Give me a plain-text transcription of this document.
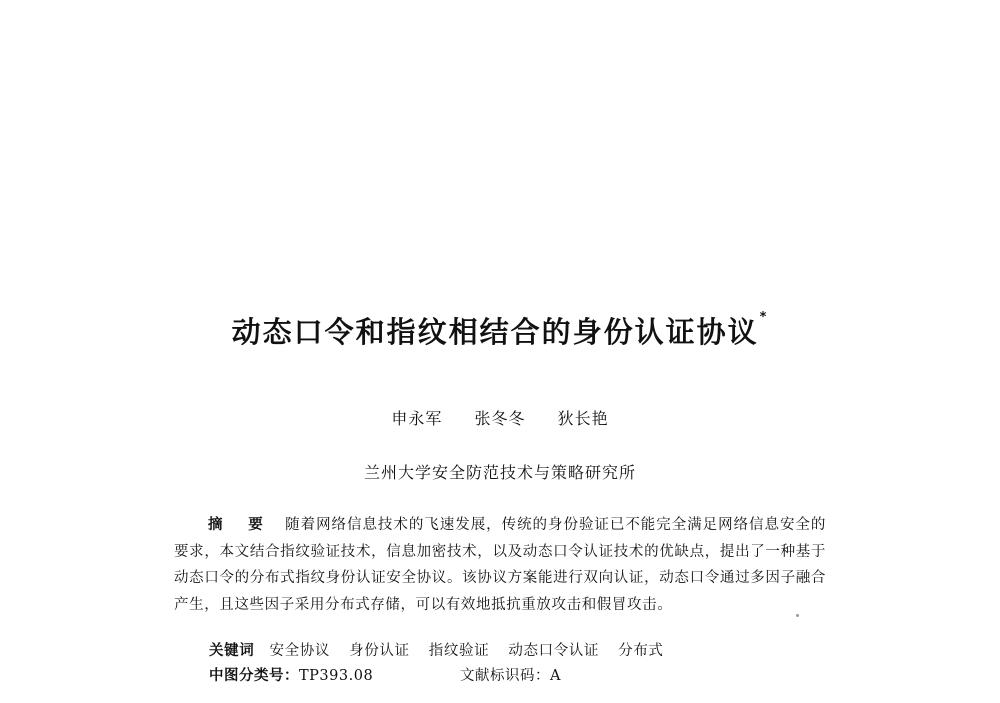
动态口令和指纹相结合的身份认证协议*
申永军 张冬冬 狄长艳
兰州大学安全防范技术与策略研究所

摘 要 随着网络信息技术的飞速发展，传统的身份验证已不能完全满足网络信息安全的要求，本文结合指纹验证技术，信息加密技术，以及动态口令认证技术的优缺点，提出了一种基于动态口令的分布式指纹身份认证安全协议。该协议方案能进行双向认证，动态口令通过多因子融合产生，且这些因子采用分布式存储，可以有效地抵抗重放攻击和假冒攻击。

关键词 安全协议 身份认证 指纹验证 动态口令认证 分布式
中图分类号：TP393.08	文献标识码：A
